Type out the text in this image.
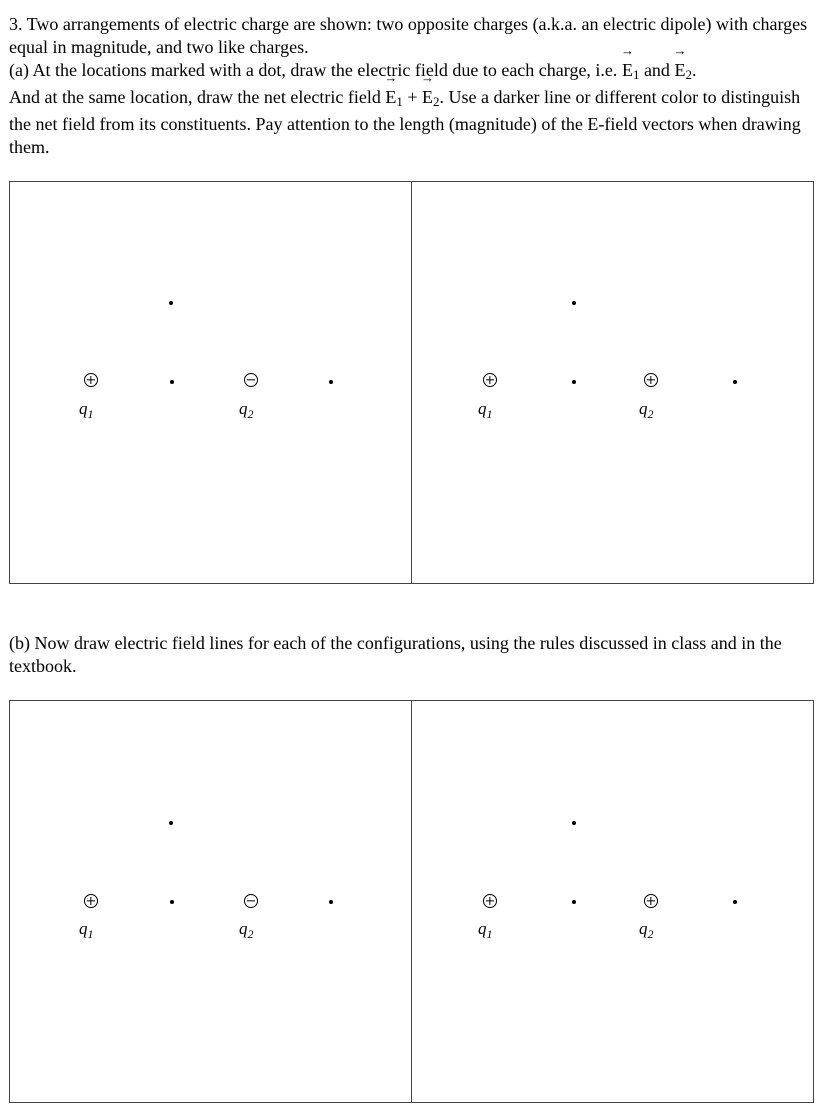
3. Two arrangements of electric charge are shown: two opposite charges (a.k.a. an electric dipole) with charges equal in magnitude, and two like charges.

(a) At the locations marked with a dot, draw the electric field due to each charge, i.e. → $E_1$ and → $E_2$.
And at the same location, draw the net electric field → $E_1$ + → $E_2$. Use a darker line or different color to distinguish the net field from its constituents. Pay attention to the length (magnitude) of the E-field vectors when drawing them.

$q_1$	$q_2$	$q_1$	$q_2$

(b) Now draw electric field lines for each of the configurations, using the rules discussed in class and in the textbook.

$q_1$	$q_2$	$q_1$	$q_2$
